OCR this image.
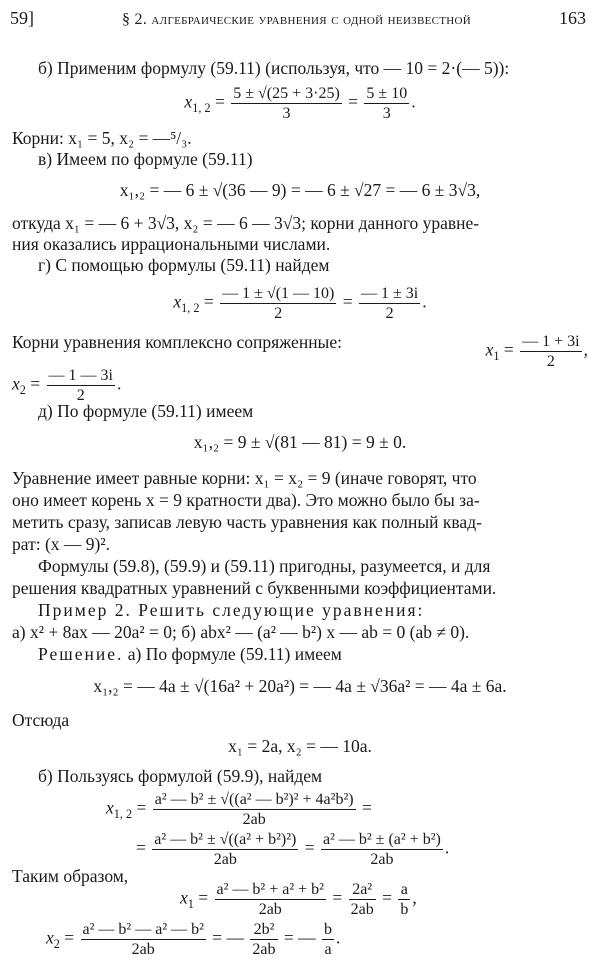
59]	§ 2. алгебраические уравнения с одной неизвестной	163
б) Применим формулу (59.11) (используя, что — 10 = 2·(— 5)):
$x_{1, 2} = \frac{5 \pm √(25 + 3\cdot 25)}{3} = \frac{5 \pm 10}{3}$ .
Корни: x₁ = 5, x₂ = —⁵/₃.
в) Имеем по формуле (59.11)
x₁,₂ = — 6 ± √(36 — 9) = — 6 ± √27 = — 6 ± 3√3,
откуда x₁ = — 6 + 3√3, x₂ = — 6 — 3√3; корни данного уравне-
ния оказались иррациональными числами.
г) С помощью формулы (59.11) найдем
$x_{1, 2} = \frac{— 1 \pm √(1 — 10)}{2} = \frac{— 1 \pm 3i}{2}$ .
Корни уравнения комплексно сопряженные:	$x_1 = \frac{— 1 + 3i}{2}$ ,
$x_2 = \frac{— 1 — 3i}{2}$ .
д) По формуле (59.11) имеем
x₁,₂ = 9 ± √(81 — 81) = 9 ± 0.
Уравнение имеет равные корни: x₁ = x₂ = 9 (иначе говорят, что
оно имеет корень x = 9 кратности два). Это можно было бы за-
метить сразу, записав левую часть уравнения как полный квад-
рат: (x — 9)².
Формулы (59.8), (59.9) и (59.11) пригодны, разумеется, и для
решения квадратных уравнений с буквенными коэффициентами.
Пример 2. Решить следующие уравнения:
а) x² + 8ax — 20a² = 0; б) abx² — (a² — b²) x — ab = 0 (ab ≠ 0).
Решение. а) По формуле (59.11) имеем
x₁,₂ = — 4a ± √(16a² + 20a²) = — 4a ± √36a² = — 4a ± 6a.
Отсюда
x₁ = 2a, x₂ = — 10a.
б) Пользуясь формулой (59.9), найдем
$x_{1, 2} = \frac{\text{a² — b² ± √((a² — b²)² + 4a²b²)}}{2ab}$ =
= $\frac{\text{a² — b² ± √((a² + b²)²)}}{2ab} = \frac{\text{a² — b² ± (a² + b²)}}{2ab}$ .
Таким образом,
$x_1 = \frac{\text{a² — b² + a² + b²}}{2ab} = \frac{\text{2a²}}{2ab} = \frac{a}{b}$ ,
$x_2 = \frac{\text{a² — b² — a² — b²}}{2ab}$ = — $\frac{\text{2b²}}{2ab}$ = — $\frac{b}{a}$ .
